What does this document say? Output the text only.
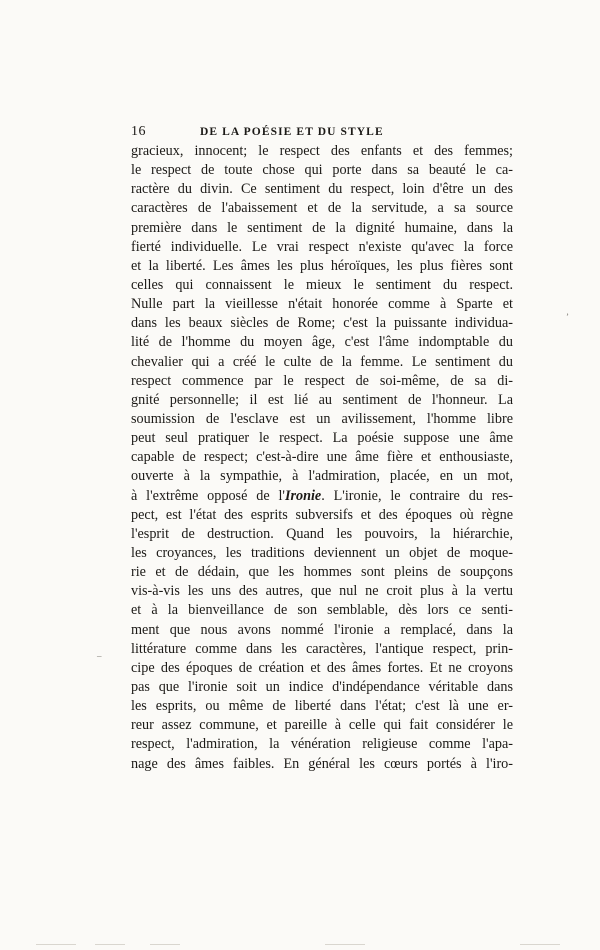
16	DE LA POÉSIE ET DU STYLE
gracieux, innocent; le respect des enfants et des femmes;
le respect de toute chose qui porte dans sa beauté le ca-
ractère du divin. Ce sentiment du respect, loin d'être un des
caractères de l'abaissement et de la servitude, a sa source
première dans le sentiment de la dignité humaine, dans la
fierté individuelle. Le vrai respect n'existe qu'avec la force
et la liberté. Les âmes les plus héroïques, les plus fières sont
celles qui connaissent le mieux le sentiment du respect.
Nulle part la vieillesse n'était honorée comme à Sparte et
dans les beaux siècles de Rome; c'est la puissante individua-
lité de l'homme du moyen âge, c'est l'âme indomptable du
chevalier qui a créé le culte de la femme. Le sentiment du
respect commence par le respect de soi-même, de sa di-
gnité personnelle; il est lié au sentiment de l'honneur. La
soumission de l'esclave est un avilissement, l'homme libre
peut seul pratiquer le respect. La poésie suppose une âme
capable de respect; c'est-à-dire une âme fière et enthousiaste,
ouverte à la sympathie, à l'admiration, placée, en un mot,
à l'extrême opposé de l'Ironie. L'ironie, le contraire du res-
pect, est l'état des esprits subversifs et des époques où règne
l'esprit de destruction. Quand les pouvoirs, la hiérarchie,
les croyances, les traditions deviennent un objet de moque-
rie et de dédain, que les hommes sont pleins de soupçons
vis-à-vis les uns des autres, que nul ne croit plus à la vertu
et à la bienveillance de son semblable, dès lors ce senti-
ment que nous avons nommé l'ironie a remplacé, dans la
littérature comme dans les caractères, l'antique respect, prin-
cipe des époques de création et des âmes fortes. Et ne croyons
pas que l'ironie soit un indice d'indépendance véritable dans
les esprits, ou même de liberté dans l'état; c'est là une er-
reur assez commune, et pareille à celle qui fait considérer le
respect, l'admiration, la vénération religieuse comme l'apa-
nage des âmes faibles. En général les cœurs portés à l'iro-
’
–
